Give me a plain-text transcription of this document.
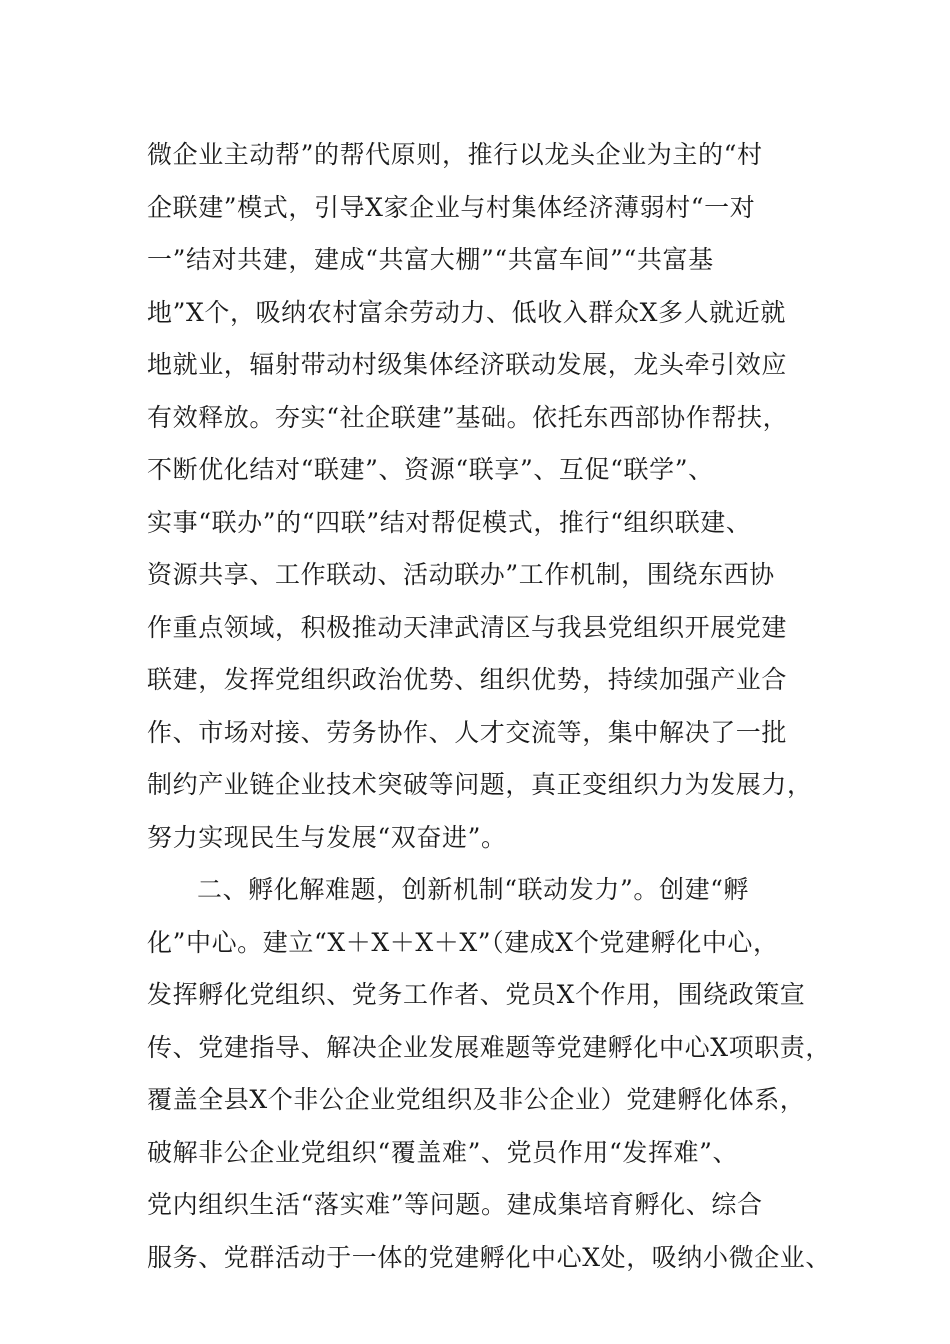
微企业主动帮”的帮代原则，推行以龙头企业为主的“村
企联建”模式，引导X家企业与村集体经济薄弱村“一对
一”结对共建，建成“共富大棚”“共富车间”“共富基
地”X个，吸纳农村富余劳动力、低收入群众X多人就近就
地就业，辐射带动村级集体经济联动发展，龙头牵引效应
有效释放。夯实“社企联建”基础。依托东西部协作帮扶，
不断优化结对“联建”、资源“联享”、互促“联学”、
实事“联办”的“四联”结对帮促模式，推行“组织联建、
资源共享、工作联动、活动联办”工作机制，围绕东西协
作重点领域，积极推动天津武清区与我县党组织开展党建
联建，发挥党组织政治优势、组织优势，持续加强产业合
作、市场对接、劳务协作、人才交流等，集中解决了一批
制约产业链企业技术突破等问题，真正变组织力为发展力，
努力实现民生与发展“双奋进”。
二、孵化解难题，创新机制“联动发力”。创建“孵
化”中心。建立“X＋X＋X＋X”（建成X个党建孵化中心，
发挥孵化党组织、党务工作者、党员X个作用，围绕政策宣
传、党建指导、解决企业发展难题等党建孵化中心X项职责，
覆盖全县X个非公企业党组织及非公企业）党建孵化体系，
破解非公企业党组织“覆盖难”、党员作用“发挥难”、
党内组织生活“落实难”等问题。建成集培育孵化、综合
服务、党群活动于一体的党建孵化中心X处，吸纳小微企业、
